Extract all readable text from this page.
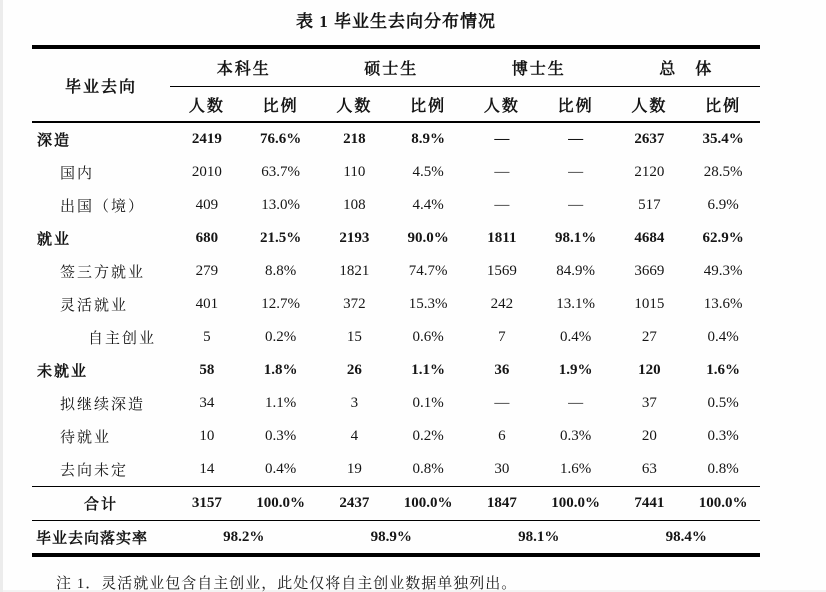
表 1 毕业生去向分布情况
毕业去向
本科生	硕士生	博士生	总　体
人数	比例	人数	比例	人数	比例	人数	比例
深造	2419	76.6%	218	8.9%	—	—	2637	35.4%
国内	2010	63.7%	110	4.5%	—	—	2120	28.5%
出国（境）	409	13.0%	108	4.4%	—	—	517	6.9%
就业	680	21.5%	2193	90.0%	1811	98.1%	4684	62.9%
签三方就业	279	8.8%	1821	74.7%	1569	84.9%	3669	49.3%
灵活就业	401	12.7%	372	15.3%	242	13.1%	1015	13.6%
自主创业	5	0.2%	15	0.6%	7	0.4%	27	0.4%
未就业	58	1.8%	26	1.1%	36	1.9%	120	1.6%
拟继续深造	34	1.1%	3	0.1%	—	—	37	0.5%
待就业	10	0.3%	4	0.2%	6	0.3%	20	0.3%
去向未定	14	0.4%	19	0.8%	30	1.6%	63	0.8%
合计	3157	100.0%	2437	100.0%	1847	100.0%	7441	100.0%
毕业去向落实率	98.2%	98.9%	98.1%	98.4%
注 1．灵活就业包含自主创业，此处仅将自主创业数据单独列出。
